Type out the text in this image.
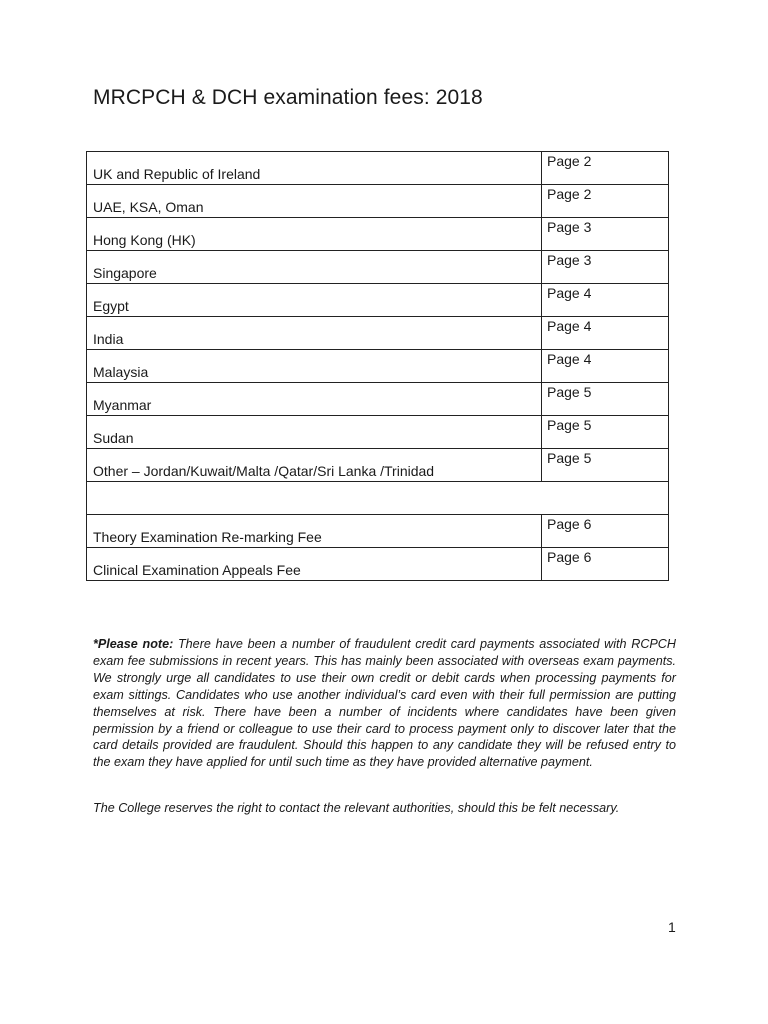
MRCPCH & DCH examination fees: 2018
UK and Republic of Ireland	Page 2

UAE, KSA, Oman	Page 2

Hong Kong (HK)	Page 3

Singapore	Page 3

Egypt	Page 4

India	Page 4

Malaysia	Page 4

Myanmar	Page 5

Sudan	Page 5

Other – Jordan/Kuwait/Malta /Qatar/Sri Lanka /Trinidad	Page 5

Theory Examination Re-marking Fee	Page 6

Clinical Examination Appeals Fee	Page 6

*Please note: There have been a number of fraudulent credit card payments associated with RCPCH exam fee submissions in recent years. This has mainly been associated with overseas exam payments. We strongly urge all candidates to use their own credit or debit cards when processing payments for exam sittings. Candidates who use another individual’s card even with their full permission are putting themselves at risk. There have been a number of incidents where candidates have been given permission by a friend or colleague to use their card to process payment only to discover later that the card details provided are fraudulent. Should this happen to any candidate they will be refused entry to the exam they have applied for until such time as they have provided alternative payment.

The College reserves the right to contact the relevant authorities, should this be felt necessary.

1
